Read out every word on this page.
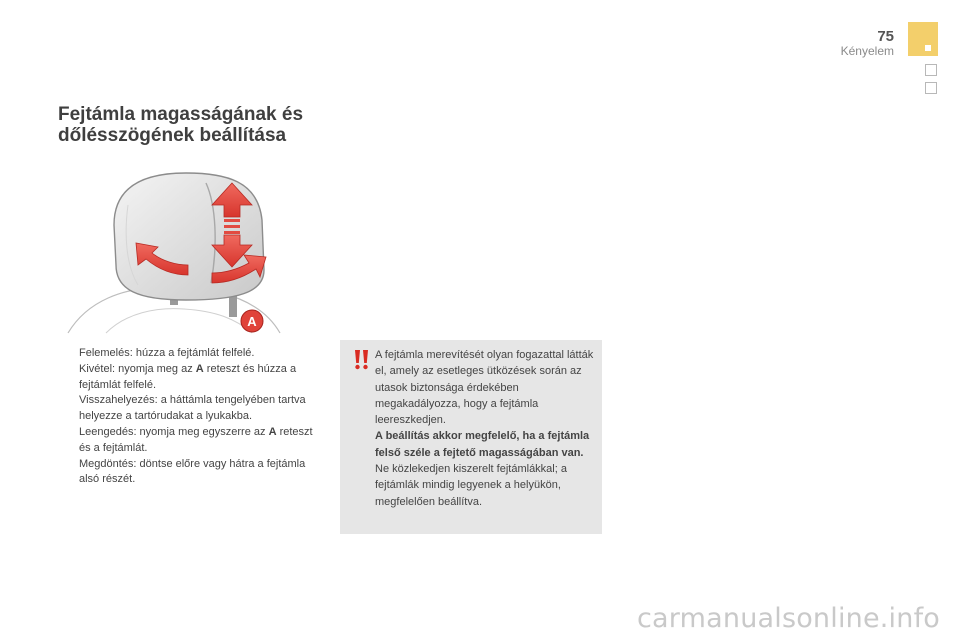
75
Kényelem
Fejtámla magasságának és
dőlésszögének beállítása
A
Felemelés: húzza a fejtámlát felfelé.
Kivétel: nyomja meg az A reteszt és húzza a fejtámlát felfelé.
Visszahelyezés: a háttámla tengelyében tartva helyezze a tartórudakat a lyukakba.
Leengedés: nyomja meg egyszerre az A reteszt és a fejtámlát.
Megdöntés: döntse előre vagy hátra a fejtámla alsó részét.

A fejtámla merevítését olyan fogazattal látták el, amely az esetleges ütközések során az utasok biztonsága érdekében megakadályozza, hogy a fejtámla leereszkedjen.

A beállítás akkor megfelelő, ha a fejtámla felső széle a fejtető magasságában van.

Ne közlekedjen kiszerelt fejtámlákkal; a fejtámlák mindig legyenek a helyükön, megfelelően beállítva.

carmanualsonline.info
